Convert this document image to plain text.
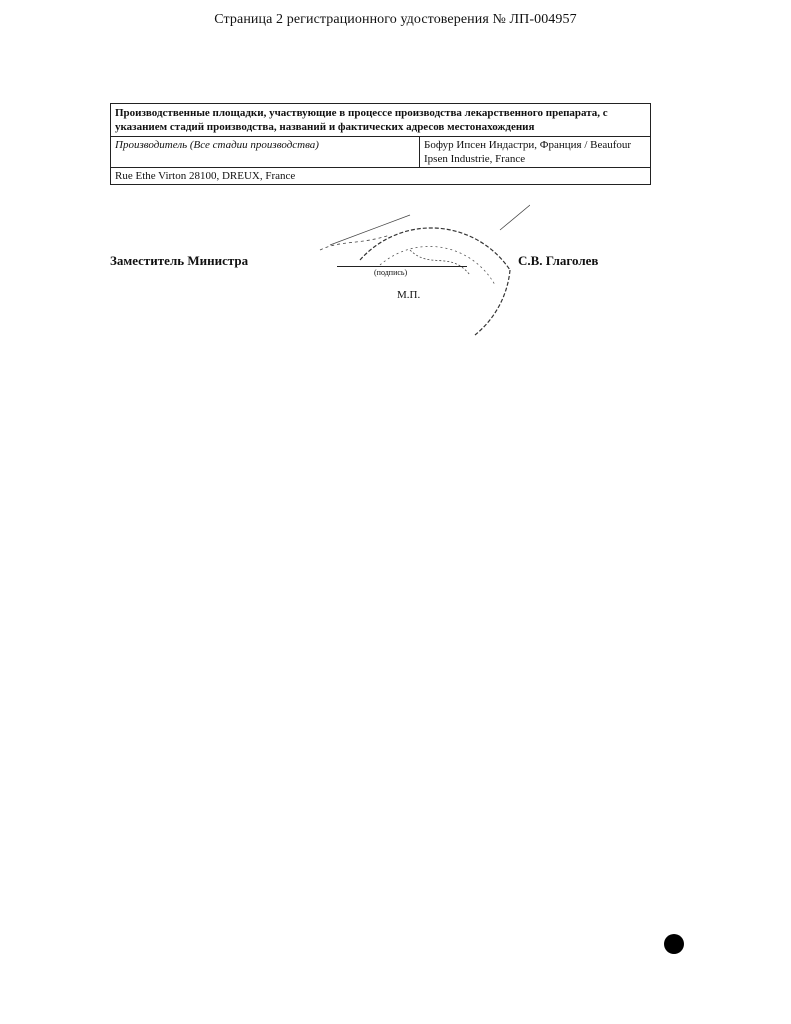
Страница 2 регистрационного удостоверения № ЛП-004957
Производственные площадки, участвующие в процессе производства лекарственного препарата, с указанием стадий производства, названий и фактических адресов местонахождения
Производитель (Все стадии производства)	Бофур Ипсен Индастри, Франция / Beaufour Ipsen Industrie, France
Rue Ethe Virton 28100, DREUX, France
Заместитель Министра
(подпись)
М.П.
С.В. Глаголев
